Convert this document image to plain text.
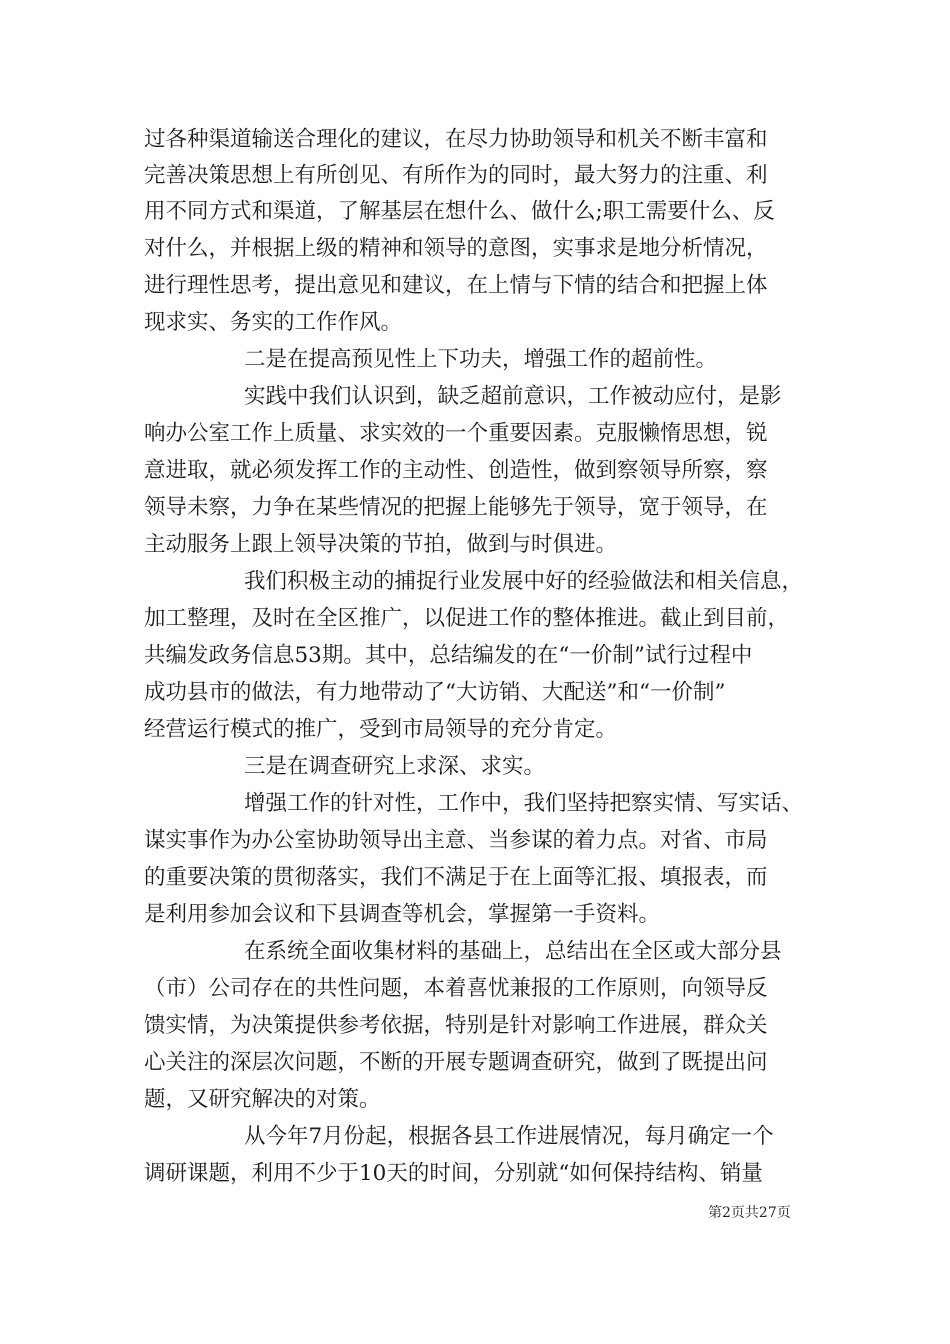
过各种渠道输送合理化的建议，在尽力协助领导和机关不断丰富和
完善决策思想上有所创见、有所作为的同时，最大努力的注重、利
用不同方式和渠道，了解基层在想什么、做什么;职工需要什么、反
对什么，并根据上级的精神和领导的意图，实事求是地分析情况，
进行理性思考，提出意见和建议，在上情与下情的结合和把握上体
现求实、务实的工作作风。
二是在提高预见性上下功夫，增强工作的超前性。
实践中我们认识到，缺乏超前意识，工作被动应付，是影
响办公室工作上质量、求实效的一个重要因素。克服懒惰思想，锐
意进取，就必须发挥工作的主动性、创造性，做到察领导所察，察
领导未察，力争在某些情况的把握上能够先于领导，宽于领导，在
主动服务上跟上领导决策的节拍，做到与时俱进。
我们积极主动的捕捉行业发展中好的经验做法和相关信息，
加工整理，及时在全区推广，以促进工作的整体推进。截止到目前，
共编发政务信息53期。其中，总结编发的在“一价制”试行过程中
成功县市的做法，有力地带动了“大访销、大配送”和“一价制”
经营运行模式的推广，受到市局领导的充分肯定。
三是在调查研究上求深、求实。
增强工作的针对性，工作中，我们坚持把察实情、写实话、
谋实事作为办公室协助领导出主意、当参谋的着力点。对省、市局
的重要决策的贯彻落实，我们不满足于在上面等汇报、填报表，而
是利用参加会议和下县调查等机会，掌握第一手资料。
在系统全面收集材料的基础上，总结出在全区或大部分县
（市）公司存在的共性问题，本着喜忧兼报的工作原则，向领导反
馈实情，为决策提供参考依据，特别是针对影响工作进展，群众关
心关注的深层次问题，不断的开展专题调查研究，做到了既提出问
题，又研究解决的对策。
从今年7月份起，根据各县工作进展情况，每月确定一个
调研课题，利用不少于10天的时间，分别就“如何保持结构、销量
第2页共27页
